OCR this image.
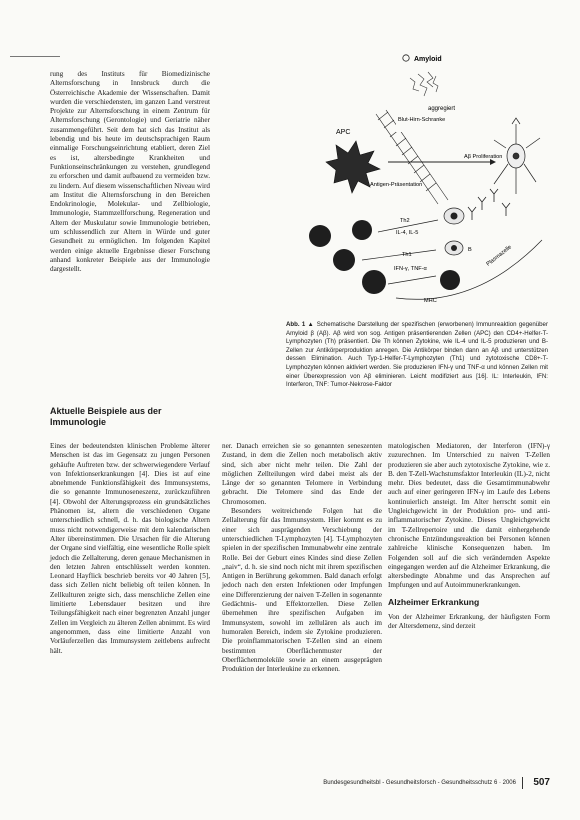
rung des Instituts für Biomedizinische Alternsforschung in Innsbruck durch die Österreichische Akademie der Wissenschaften. Damit wurden die verschiedensten, im ganzen Land verstreut Projekte zur Alternsforschung in einem Zentrum für Alternsforschung (Gerontologie) und Geriatrie näher zusammengeführt. Seit dem hat sich das Institut als lebendig und bis heute im deutschsprachigen Raum einmalige Forschungseinrichtung etabliert, deren Ziel es ist, altersbedingte Krankheiten und Funktionseinschränkungen zu verstehen, grundlegend zu erforschen und damit aufbauend zu vermeiden bzw. zu lindern. Auf diesem wissenschaftlichen Niveau wird am Institut die Alternsforschung in den Bereichen Endokrinologie, Molekular- und Zellbiologie, Immunologie, Stammzellforschung, Regeneration und Altern der Muskulatur sowie Immunologie betrieben, um schlussendlich zur Altern in Würde und guter Gesundheit zu ermöglichen. Im folgenden Kapitel werden einige aktuelle Ergebnisse dieser Forschung anhand konkreter Beispiele aus der Immunologie dargestellt.

Aktuelle Beispiele aus der Immunologie

Eines der bedeutendsten klinischen Probleme älterer Menschen ist das im Gegensatz zu jungen Personen gehäufte Auftreten bzw. der schwerwiegendere Verlauf von Infektionserkrankungen [4]. Dies ist auf eine abnehmende Funktionsfähigkeit des Immunsystems, die so genannte Immunoseneszenz, zurückzuführen [4]. Obwohl der Alterungsprozess ein grundsätzliches Phänomen ist, altern die verschiedenen Organe unterschiedlich schnell, d. h. das biologische Altern muss nicht notwendigerweise mit dem kalendarischen Alter übereinstimmen. Die Ursachen für die Alterung der Organe sind vielfältig, eine wesentliche Rolle spielt jedoch die Zellalterung, deren genaue Mechanismen in den letzten Jahren entschlüsselt werden konnten. Leonard Hayflick beschrieb bereits vor 40 Jahren [5], dass sich Zellen nicht beliebig oft teilen können. In Zellkulturen zeigte sich, dass menschliche Zellen eine limitierte Lebensdauer besitzen und ihre Teilungsfähigkeit nach einer begrenzten Anzahl junger Zellen im Vergleich zu älteren Zellen abnimmt. Es wird angenommen, dass eine limitierte Anzahl von Vorläuferzellen das Immunsystem zeitlebens aufrecht hält.

ner. Danach erreichen sie so genannten seneszenten Zustand, in dem die Zellen noch metabolisch aktiv sind, sich aber nicht mehr teilen. Die Zahl der möglichen Zellteilungen wird dabei meist als der Länge der so genannten Telomere in Verbindung gebracht. Die Telomere sind das Ende der Chromosomen.

Besonders weitreichende Folgen hat die Zellalterung für das Immunsystem. Hier kommt es zu einer sich ausprägenden Verschiebung der unterschiedlichen T-Lymphozyten [4]. T-Lymphozyten spielen in der spezifischen Immunabwehr eine zentrale Rolle. Bei der Geburt eines Kindes sind diese Zellen „naiv“, d. h. sie sind noch nicht mit ihrem spezifischen Antigen in Berührung gekommen. Bald danach erfolgt jedoch nach den ersten Infektionen oder Impfungen eine Differenzierung der naiven T-Zellen in sogenannte Gedächtnis- und Effektorzellen. Diese Zellen übernehmen ihre spezifischen Aufgaben im Immunsystem, sowohl im zellulären als auch im humoralen Bereich, indem sie Zytokine produzieren. Die proinflammatorischen T-Zellen sind an einem bestimmten Oberflächenmuster der Oberflächenmoleküle sowie an einem ausgeprägten Produktion der Interleukine zu erkennen.

matologischen Mediatoren, der Interferon (IFN)-γ zuzurechnen. Im Unterschied zu naiven T-Zellen produzieren sie aber auch zytotoxische Zytokine, wie z. B. den T-Zell-Wachstumsfaktor Interleukin (IL)-2, nicht mehr. Dies bedeutet, dass die Gesamtimmunabwehr auch auf einer geringeren IFN-γ im Laufe des Lebens kontinuierlich ansteigt. Im Alter herrscht somit ein Ungleichgewicht in der Produktion pro- und anti-inflammatorischer Zytokine. Dieses Ungleichgewicht im T-Zellrepertoire und die damit einhergehende chronische Entzündungsreaktion bei Personen können zahlreiche klinische Konsequenzen haben. Im Folgenden soll auf die sich verändernden Aspekte eingegangen werden auf die Alzheimer Erkrankung, die altersbedingte Abnahme und das Ansprechen auf Impfungen und auf Autoimmunerkrankungen.

Alzheimer Erkrankung

Von der Alzheimer Erkrankung, der häufigsten Form der Altersdemenz, sind derzeit

Amyloid
aggregiert
Blut-Hirn-Schranke
APC
Antigen-Präsentation
Aβ Proliferation
Th2
IL-4, IL-5
Th1
IFN-γ, TNF-α
B Plasmazelle
MHC
Abb. 1 ▲ Schematische Darstellung der spezifischen (erworbenen) Immunreaktion gegenüber Amyloid β (Aβ). Aβ wird von sog. Antigen präsentierenden Zellen (APC) den CD4+-Helfer-T-Lymphozyten (Th) präsentiert. Die Th können Zytokine, wie IL-4 und IL-5 produzieren und B-Zellen zur Antikörperproduktion anregen. Die Antikörper binden dann an Aβ und unterstützen dessen Elimination. Auch Typ-1-Helfer-T-Lymphozyten (Th1) und zytotoxische CD8+-T-Lymphozyten können aktiviert werden. Sie produzieren IFN-γ und TNF-α und können Zellen mit einer Überexpression von Aβ eliminieren. Leicht modifiziert aus [16]. IL: Interleukin, IFN: Interferon, TNF: Tumor-Nekrose-Faktor
Bundesgesundheitsbl - Gesundheitsforsch - Gesundheitsschutz 6 · 2006 507
